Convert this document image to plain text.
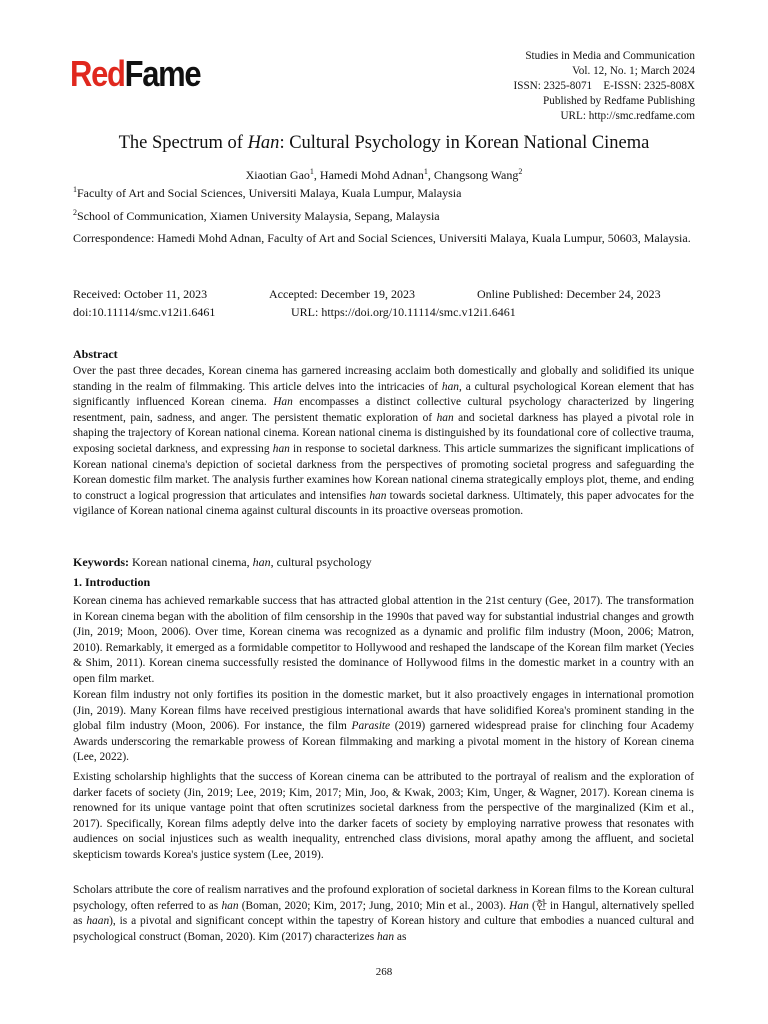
RedFame	Studies in Media and Communication
Vol. 12, No. 1; March 2024
ISSN: 2325-8071    E-ISSN: 2325-808X
Published by Redfame Publishing
URL: http://smc.redfame.com
The Spectrum of Han: Cultural Psychology in Korean National Cinema
Xiaotian Gao$^1$, Hamedi Mohd Adnan$^1$, Changsong Wang$^2$
$^1$Faculty of Art and Social Sciences, Universiti Malaya, Kuala Lumpur, Malaysia
$^2$School of Communication, Xiamen University Malaysia, Sepang, Malaysia
Correspondence: Hamedi Mohd Adnan, Faculty of Art and Social Sciences, Universiti Malaya, Kuala Lumpur, 50603, Malaysia.
Received: October 11, 2023	Accepted: December 19, 2023	Online Published: December 24, 2023
doi:10.11114/smc.v12i1.6461	URL: https://doi.org/10.11114/smc.v12i1.6461
Abstract

Over the past three decades, Korean cinema has garnered increasing acclaim both domestically and globally and solidified its unique standing in the realm of filmmaking. This article delves into the intricacies of han, a cultural psychological Korean element that has significantly influenced Korean cinema. Han encompasses a distinct collective cultural psychology characterized by lingering resentment, pain, sadness, and anger. The persistent thematic exploration of han and societal darkness has played a pivotal role in shaping the trajectory of Korean national cinema. Korean national cinema is distinguished by its foundational core of collective trauma, exposing societal darkness, and expressing han in response to societal darkness. This article summarizes the significant implications of Korean national cinema's depiction of societal darkness from the perspectives of promoting societal progress and safeguarding the Korean domestic film market. The analysis further examines how Korean national cinema strategically employs plot, theme, and ending to construct a logical progression that articulates and intensifies han towards societal darkness. Ultimately, this paper advocates for the vigilance of Korean national cinema against cultural discounts in its proactive overseas promotion.

Keywords: Korean national cinema, han, cultural psychology
1. Introduction

Korean cinema has achieved remarkable success that has attracted global attention in the 21st century (Gee, 2017). The transformation in Korean cinema began with the abolition of film censorship in the 1990s that paved way for substantial industrial changes and growth (Jin, 2019; Moon, 2006). Over time, Korean cinema was recognized as a dynamic and prolific film industry (Moon, 2006; Matron, 2010). Remarkably, it emerged as a formidable competitor to Hollywood and reshaped the landscape of the Korean film market (Yecies & Shim, 2011). Korean cinema successfully resisted the dominance of Hollywood films in the domestic market in a country with an open film market.

Korean film industry not only fortifies its position in the domestic market, but it also proactively engages in international promotion (Jin, 2019). Many Korean films have received prestigious international awards that have solidified Korea's prominent standing in the global film industry (Moon, 2006). For instance, the film Parasite (2019) garnered widespread praise for clinching four Academy Awards underscoring the remarkable prowess of Korean filmmaking and marking a pivotal moment in the history of Korean cinema (Lee, 2022).

Existing scholarship highlights that the success of Korean cinema can be attributed to the portrayal of realism and the exploration of darker facets of society (Jin, 2019; Lee, 2019; Kim, 2017; Min, Joo, & Kwak, 2003; Kim, Unger, & Wagner, 2017). Korean cinema is renowned for its unique vantage point that often scrutinizes societal darkness from the perspective of the marginalized (Kim et al., 2017). Specifically, Korean films adeptly delve into the darker facets of society by employing narrative prowess that resonates with audiences on social injustices such as wealth inequality, entrenched class divisions, moral apathy among the affluent, and societal skepticism towards Korea's justice system (Lee, 2019).

Scholars attribute the core of realism narratives and the profound exploration of societal darkness in Korean films to the Korean cultural psychology, often referred to as han (Boman, 2020; Kim, 2017; Jung, 2010; Min et al., 2003). Han (한 in Hangul, alternatively spelled as haan), is a pivotal and significant concept within the tapestry of Korean history and culture that embodies a nuanced cultural and psychological construct (Boman, 2020). Kim (2017) characterizes han as

268
